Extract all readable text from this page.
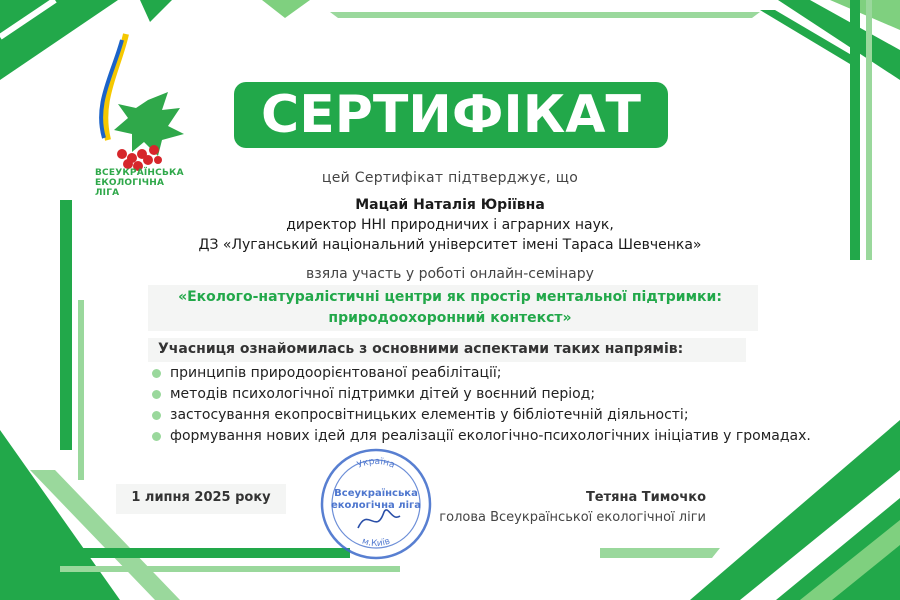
ВСЕУКРАЇНСЬКА
ЕКОЛОГІЧНА
ЛІГА
СЕРТИФІКАТ
цей Сертифікат підтверджує, що
Мацай Наталія Юріївна
директор ННІ природничих і аграрних наук,
ДЗ «Луганський національний університет імені Тараса Шевченка»
взяла участь у роботі онлайн-семінару
«Еколого-натуралістичні центри як простір ментальної підтримки:
природоохоронний контекст»
Учасниця ознайомилась з основними аспектами таких напрямів:
принципів природоорієнтованої реабілітації;
методів психологічної підтримки дітей у воєнний період;
застосування екопросвітницьких елементів у бібліотечній діяльності;
формування нових ідей для реалізації екологічно-психологічних ініціатив у громадах.
1 липня 2025 року
Україна
м.Київ
Всеукраїнська
екологічна ліга
Тетяна Тимочко
голова Всеукраїнської екологічної ліги
